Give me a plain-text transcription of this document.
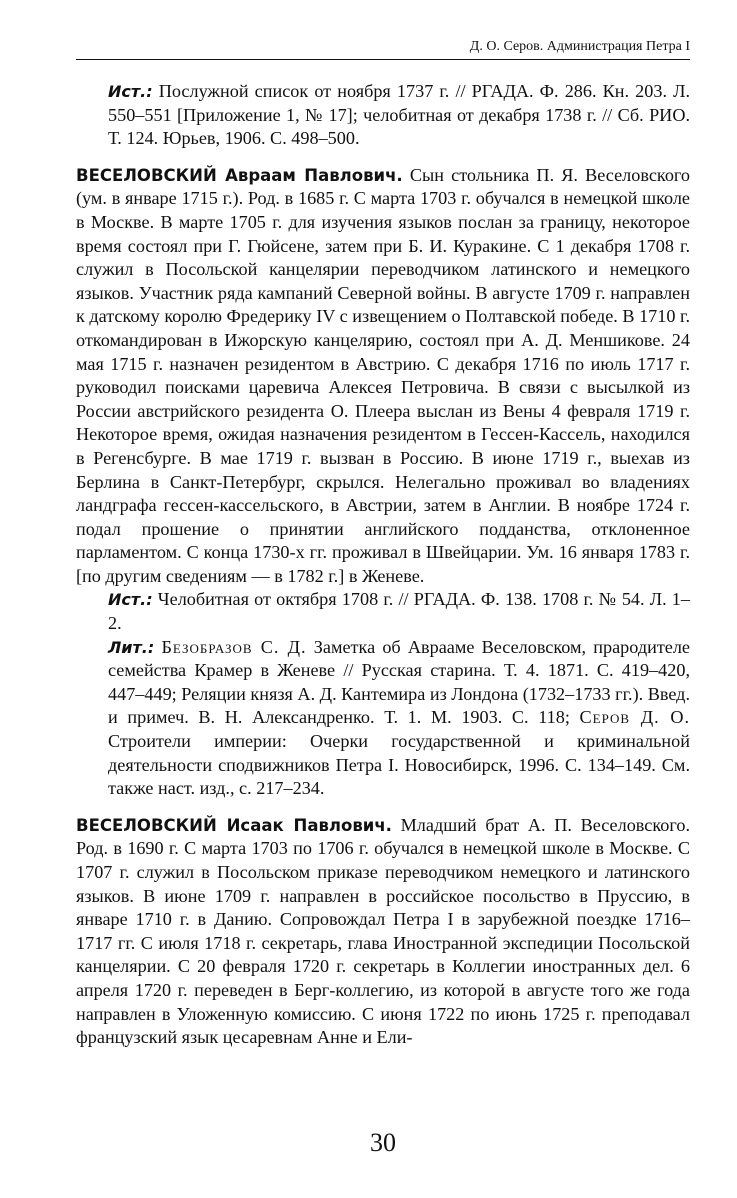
Д. О. Серов. Администрация Петра I

Ист.: Послужной список от ноября 1737 г. // РГАДА. Ф. 286. Кн. 203. Л. 550–551 [Приложение 1, № 17]; челобитная от декабря 1738 г. // Сб. РИО. Т. 124. Юрьев, 1906. С. 498–500.

ВЕСЕЛОВСКИЙ Авраам Павлович. Сын стольника П. Я. Веселовского (ум. в январе 1715 г.). Род. в 1685 г. С марта 1703 г. обучался в немецкой школе в Москве. В марте 1705 г. для изучения языков послан за границу, некоторое время состоял при Г. Гюйсене, затем при Б. И. Куракине. С 1 декабря 1708 г. служил в Посольской канцелярии переводчиком латинского и немецкого языков. Участник ряда кампаний Северной войны. В августе 1709 г. направлен к датскому королю Фредерику IV с извещением о Полтавской победе. В 1710 г. откомандирован в Ижорскую канцелярию, состоял при А. Д. Меншикове. 24 мая 1715 г. назначен резидентом в Австрию. С декабря 1716 по июль 1717 г. руководил поисками царевича Алексея Петровича. В связи с высылкой из России австрийского резидента О. Плеера выслан из Вены 4 февраля 1719 г. Некоторое время, ожидая назначения резидентом в Гессен-Кассель, находился в Регенсбурге. В мае 1719 г. вызван в Россию. В июне 1719 г., выехав из Берлина в Санкт-Петербург, скрылся. Нелегально проживал во владениях ландграфа гессен-кассельского, в Австрии, затем в Англии. В ноябре 1724 г. подал прошение о принятии английского подданства, отклоненное парламентом. С конца 1730-х гг. проживал в Швейцарии. Ум. 16 января 1783 г. [по другим сведениям — в 1782 г.] в Женеве.

Ист.: Челобитная от октября 1708 г. // РГАДА. Ф. 138. 1708 г. № 54. Л. 1–2.

Лит.: Безобразов С. Д. Заметка об Аврааме Веселовском, прародителе семейства Крамер в Женеве // Русская старина. Т. 4. 1871. С. 419–420, 447–449; Реляции князя А. Д. Кантемира из Лондона (1732–1733 гг.). Введ. и примеч. В. Н. Александренко. Т. 1. М. 1903. С. 118; Серов Д. О. Строители империи: Очерки государственной и криминальной деятельности сподвижников Петра I. Новосибирск, 1996. С. 134–149. См. также наст. изд., с. 217–234.

ВЕСЕЛОВСКИЙ Исаак Павлович. Младший брат А. П. Веселовского. Род. в 1690 г. С марта 1703 по 1706 г. обучался в немецкой школе в Москве. С 1707 г. служил в Посольском приказе переводчиком немецкого и латинского языков. В июне 1709 г. направлен в российское посольство в Пруссию, в январе 1710 г. в Данию. Сопровождал Петра I в зарубежной поездке 1716–1717 гг. С июля 1718 г. секретарь, глава Иностранной экспедиции Посольской канцелярии. С 20 февраля 1720 г. секретарь в Коллегии иностранных дел. 6 апреля 1720 г. переведен в Берг-коллегию, из которой в августе того же года направлен в Уложенную комиссию. С июня 1722 по июнь 1725 г. преподавал французский язык цесаревнам Анне и Ели-

30
